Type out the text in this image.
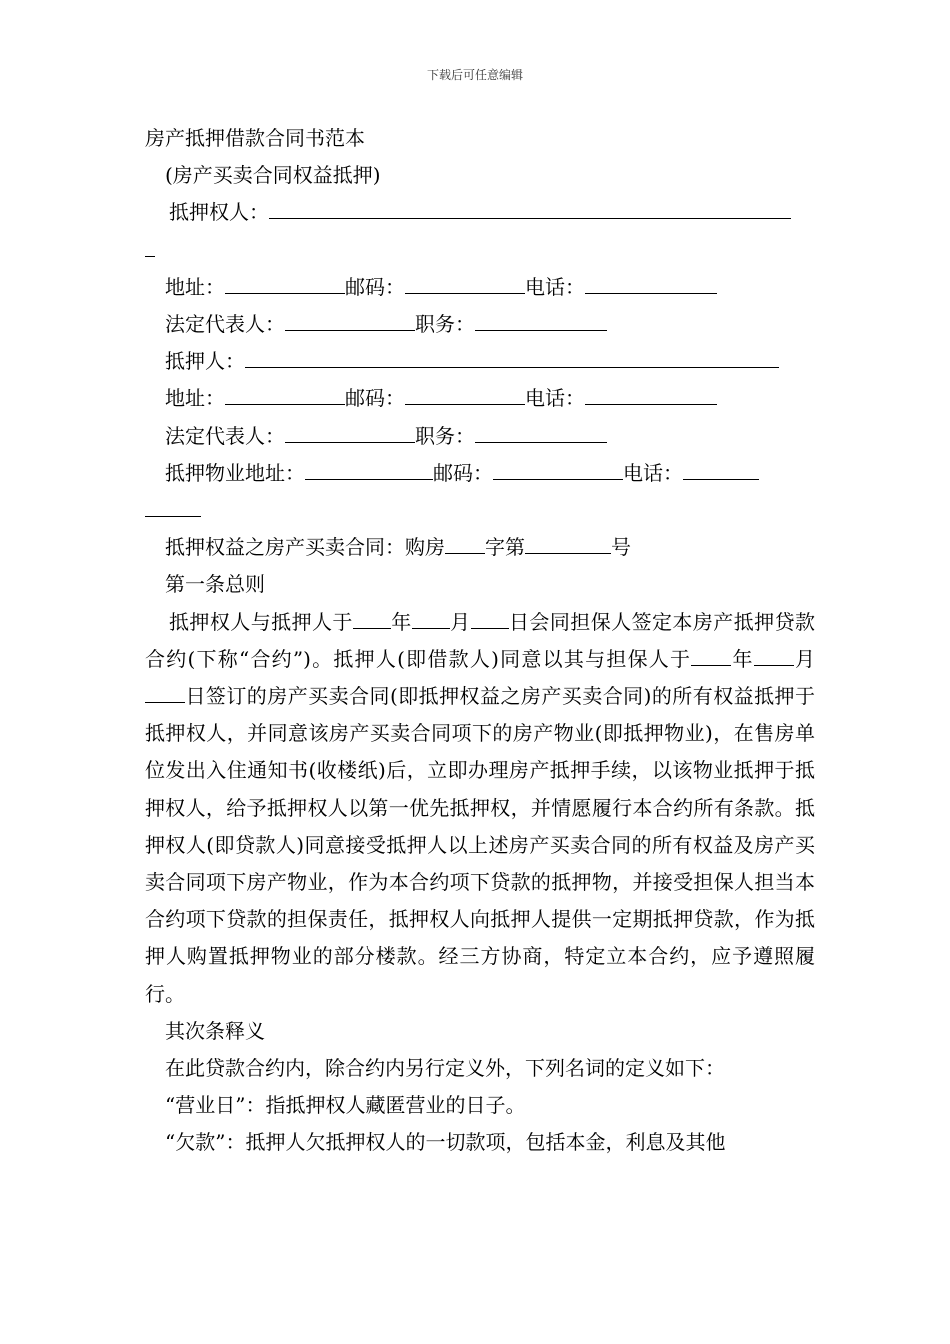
下载后可任意编辑
房产抵押借款合同书范本
(房产买卖合同权益抵押)
抵押权人：
地址：	邮码：	电话：
法定代表人：	职务：
抵押人：
地址：	邮码：	电话：
法定代表人：	职务：
抵押物业地址：	邮码：	电话：
抵押权益之房产买卖合同：购房 字第	号
第一条总则
抵押权人与抵押人于 年 月 日会同担保人签定本房产抵押贷款合约(下称“合约”)。抵押人(即借款人)同意以其与担保人于 年 月日签订的房产买卖合同(即抵押权益之房产买卖合同)的所有权益抵押于抵押权人，并同意该房产买卖合同项下的房产物业(即抵押物业)，在售房单位发出入住通知书(收楼纸)后，立即办理房产抵押手续，以该物业抵押于抵押权人，给予抵押权人以第一优先抵押权，并情愿履行本合约所有条款。抵押权人(即贷款人)同意接受抵押人以上述房产买卖合同的所有权益及房产买卖合同项下房产物业，作为本合约项下贷款的抵押物，并接受担保人担当本合约项下贷款的担保责任，抵押权人向抵押人提供一定期抵押贷款，作为抵押人购置抵押物业的部分楼款。经三方协商，特定立本合约，应予遵照履行。
其次条释义
在此贷款合约内，除合约内另行定义外，下列名词的定义如下：
“营业日”：指抵押权人藏匿营业的日子。
“欠款”：抵押人欠抵押权人的一切款项，包括本金，利息及其他
